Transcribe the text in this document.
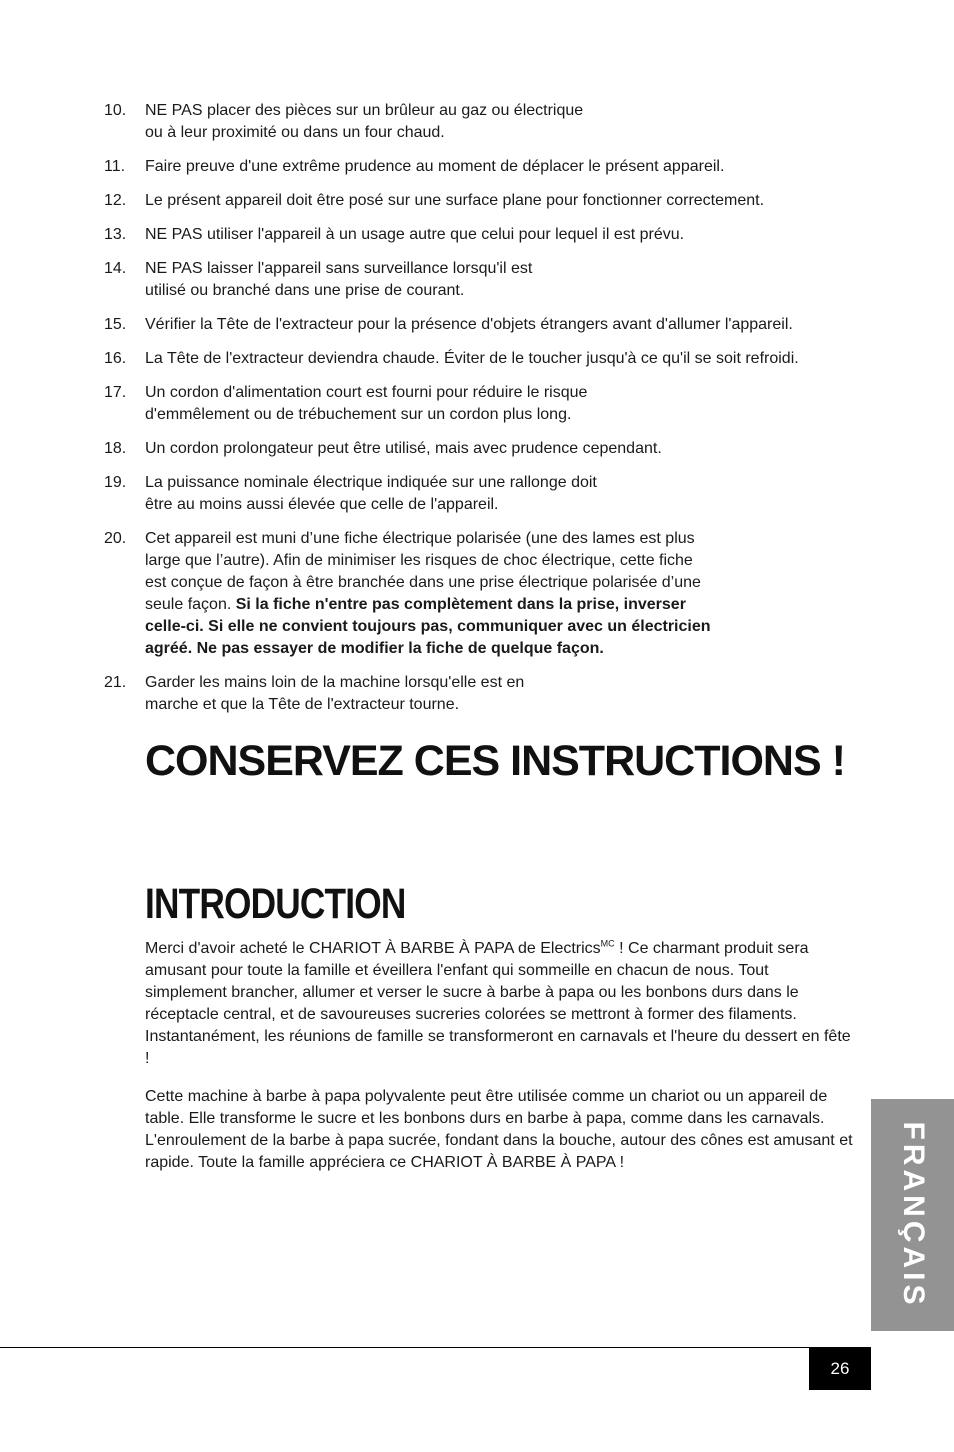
10. NE PAS placer des pièces sur un brûleur au gaz ou électrique
ou à leur proximité ou dans un four chaud.
11. Faire preuve d'une extrême prudence au moment de déplacer le présent appareil.
12. Le présent appareil doit être posé sur une surface plane pour fonctionner correctement.
13. NE PAS utiliser l'appareil à un usage autre que celui pour lequel il est prévu.
14. NE PAS laisser l'appareil sans surveillance lorsqu'il est
utilisé ou branché dans une prise de courant.
15. Vérifier la Tête de l'extracteur pour la présence d'objets étrangers avant d'allumer l'appareil.
16. La Tête de l'extracteur deviendra chaude. Éviter de le toucher jusqu'à ce qu'il se soit refroidi.
17. Un cordon d'alimentation court est fourni pour réduire le risque
d'emmêlement ou de trébuchement sur un cordon plus long.
18. Un cordon prolongateur peut être utilisé, mais avec prudence cependant.
19. La puissance nominale électrique indiquée sur une rallonge doit
être au moins aussi élevée que celle de l'appareil.
20. Cet appareil est muni d’une fiche électrique polarisée (une des lames est plus
large que l’autre). Afin de minimiser les risques de choc électrique, cette fiche
est conçue de façon à être branchée dans une prise électrique polarisée d’une
seule façon. Si la fiche n'entre pas complètement dans la prise, inverser
celle-ci. Si elle ne convient toujours pas, communiquer avec un électricien
agréé. Ne pas essayer de modifier la fiche de quelque façon.
21. Garder les mains loin de la machine lorsqu'elle est en
marche et que la Tête de l'extracteur tourne.
CONSERVEZ CES INSTRUCTIONS !
INTRODUCTION

Merci d'avoir acheté le CHARIOT À BARBE À PAPA de Electrics$^{MC}$ ! Ce charmant produit sera amusant pour toute la famille et éveillera l'enfant qui sommeille en chacun de nous. Tout simplement brancher, allumer et verser le sucre à barbe à papa ou les bonbons durs dans le réceptacle central, et de savoureuses sucreries colorées se mettront à former des filaments. Instantanément, les réunions de famille se transformeront en carnavals et l'heure du dessert en fête !

Cette machine à barbe à papa polyvalente peut être utilisée comme un chariot ou un appareil de table. Elle transforme le sucre et les bonbons durs en barbe à papa, comme dans les carnavals. L'enroulement de la barbe à papa sucrée, fondant dans la bouche, autour des cônes est amusant et rapide. Toute la famille appréciera ce CHARIOT À BARBE À PAPA !	FRANÇAIS
26
